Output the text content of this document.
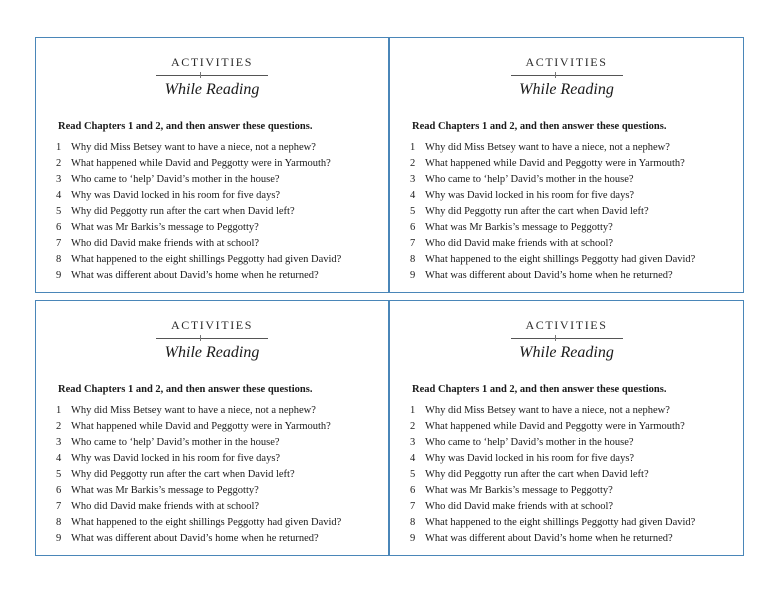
ACTIVITIES
While Reading
Read Chapters 1 and 2, and then answer these questions.
1 Why did Miss Betsey want to have a niece, not a nephew?
2 What happened while David and Peggotty were in Yarmouth?
3 Who came to ‘help’ David’s mother in the house?
4 Why was David locked in his room for five days?
5 Why did Peggotty run after the cart when David left?
6 What was Mr Barkis’s message to Peggotty?
7 Who did David make friends with at school?
8 What happened to the eight shillings Peggotty had given David?
9 What was different about David’s home when he returned?
ACTIVITIES
While Reading
Read Chapters 1 and 2, and then answer these questions.
1 Why did Miss Betsey want to have a niece, not a nephew?
2 What happened while David and Peggotty were in Yarmouth?
3 Who came to ‘help’ David’s mother in the house?
4 Why was David locked in his room for five days?
5 Why did Peggotty run after the cart when David left?
6 What was Mr Barkis’s message to Peggotty?
7 Who did David make friends with at school?
8 What happened to the eight shillings Peggotty had given David?
9 What was different about David’s home when he returned?
ACTIVITIES
While Reading
Read Chapters 1 and 2, and then answer these questions.
1 Why did Miss Betsey want to have a niece, not a nephew?
2 What happened while David and Peggotty were in Yarmouth?
3 Who came to ‘help’ David’s mother in the house?
4 Why was David locked in his room for five days?
5 Why did Peggotty run after the cart when David left?
6 What was Mr Barkis’s message to Peggotty?
7 Who did David make friends with at school?
8 What happened to the eight shillings Peggotty had given David?
9 What was different about David’s home when he returned?
ACTIVITIES
While Reading
Read Chapters 1 and 2, and then answer these questions.
1 Why did Miss Betsey want to have a niece, not a nephew?
2 What happened while David and Peggotty were in Yarmouth?
3 Who came to ‘help’ David’s mother in the house?
4 Why was David locked in his room for five days?
5 Why did Peggotty run after the cart when David left?
6 What was Mr Barkis’s message to Peggotty?
7 Who did David make friends with at school?
8 What happened to the eight shillings Peggotty had given David?
9 What was different about David’s home when he returned?
